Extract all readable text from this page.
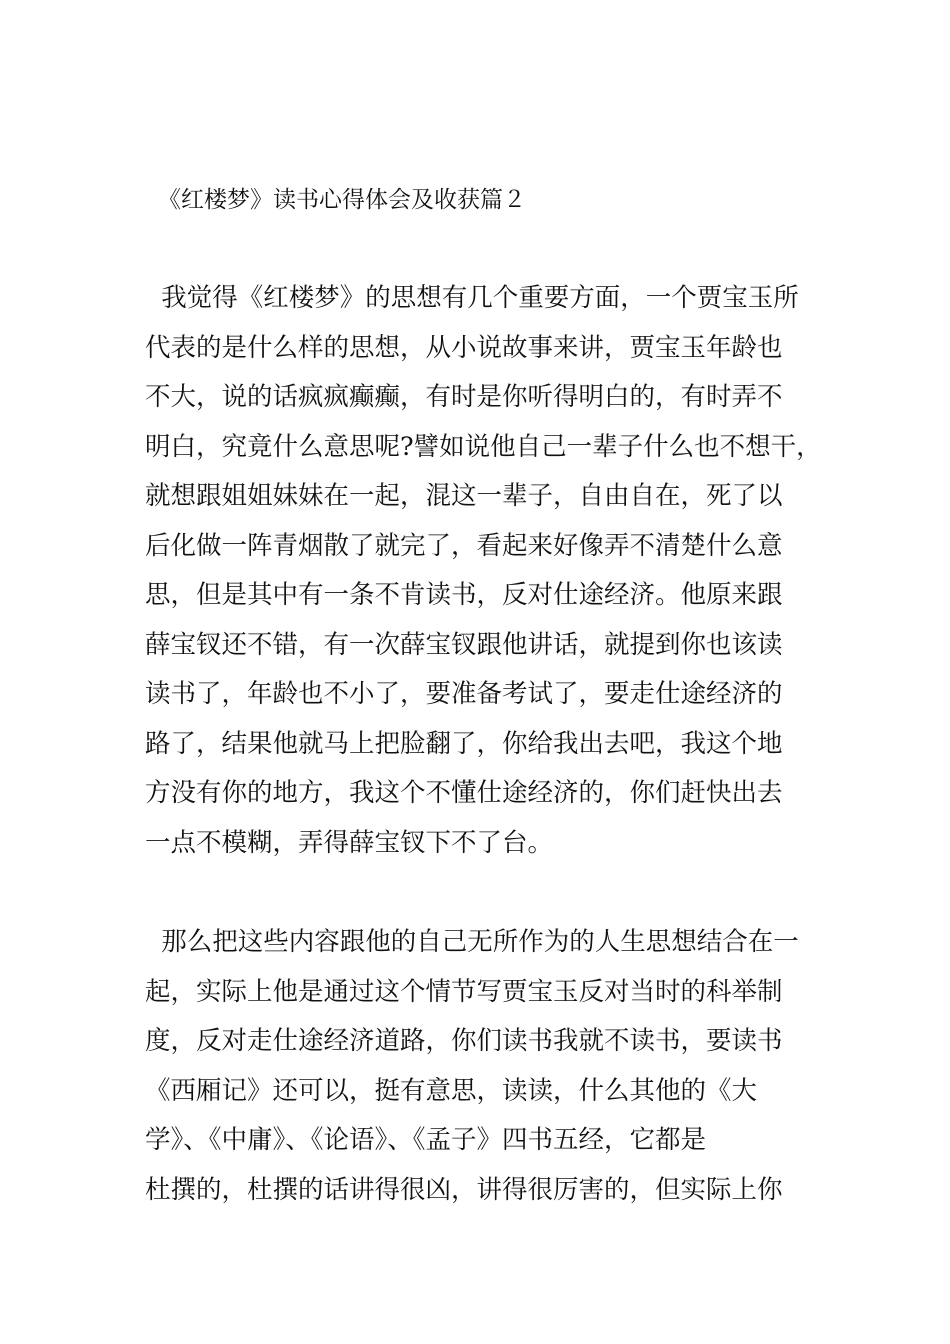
《红楼梦》读书心得体会及收获篇２
我觉得《红楼梦》的思想有几个重要方面，一个贾宝玉所
代表的是什么样的思想，从小说故事来讲，贾宝玉年龄也
不大，说的话疯疯癫癫，有时是你听得明白的，有时弄不
明白，究竟什么意思呢?譬如说他自己一辈子什么也不想干，
就想跟姐姐妹妹在一起，混这一辈子，自由自在，死了以
后化做一阵青烟散了就完了，看起来好像弄不清楚什么意
思，但是其中有一条不肯读书，反对仕途经济。他原来跟
薛宝钗还不错，有一次薛宝钗跟他讲话，就提到你也该读
读书了，年龄也不小了，要准备考试了，要走仕途经济的
路了，结果他就马上把脸翻了，你给我出去吧，我这个地
方没有你的地方，我这个不懂仕途经济的，你们赶快出去
一点不模糊，弄得薛宝钗下不了台。
那么把这些内容跟他的自己无所作为的人生思想结合在一
起，实际上他是通过这个情节写贾宝玉反对当时的科举制
度，反对走仕途经济道路，你们读书我就不读书，要读书
《西厢记》还可以，挺有意思，读读，什么其他的《大
学》、《中庸》、《论语》、《孟子》四书五经，它都是
杜撰的，杜撰的话讲得很凶，讲得很厉害的，但实际上你
